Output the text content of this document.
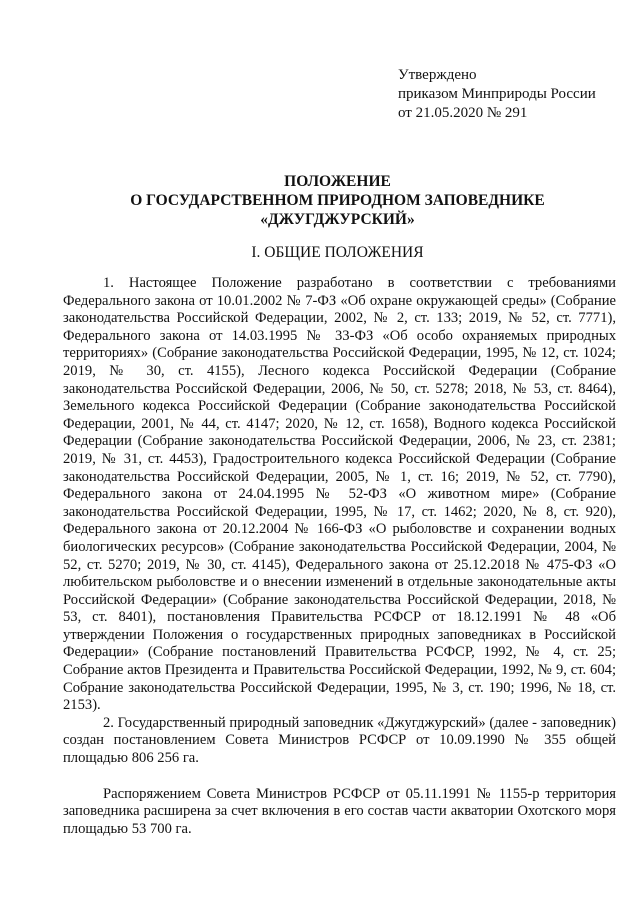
Утверждено
приказом Минприроды России
от 21.05.2020 № 291
ПОЛОЖЕНИЕ
О ГОСУДАРСТВЕННОМ ПРИРОДНОМ ЗАПОВЕДНИКЕ
«ДЖУГДЖУРСКИЙ»
I. ОБЩИЕ ПОЛОЖЕНИЯ

1. Настоящее Положение разработано в соответствии с требованиями Федерального закона от 10.01.2002 № 7-ФЗ «Об охране окружающей среды» (Собрание законодательства Российской Федерации, 2002, № 2, ст. 133; 2019, № 52, ст. 7771), Федерального закона от 14.03.1995 № 33-ФЗ «Об особо охраняемых природных территориях» (Собрание законодательства Российской Федерации, 1995, № 12, ст. 1024; 2019, № 30, ст. 4155), Лесного кодекса Российской Федерации (Собрание законодательства Российской Федерации, 2006, № 50, ст. 5278; 2018, № 53, ст. 8464), Земельного кодекса Российской Федерации (Собрание законодательства Российской Федерации, 2001, № 44, ст. 4147; 2020, № 12, ст. 1658), Водного кодекса Российской Федерации (Собрание законодательства Российской Федерации, 2006, № 23, ст. 2381; 2019, № 31, ст. 4453), Градостроительного кодекса Российской Федерации (Собрание законодательства Российской Федерации, 2005, № 1, ст. 16; 2019, № 52, ст. 7790), Федерального закона от 24.04.1995 № 52-ФЗ «О животном мире» (Собрание законодательства Российской Федерации, 1995, № 17, ст. 1462; 2020, № 8, ст. 920), Федерального закона от 20.12.2004 № 166-ФЗ «О рыболовстве и сохранении водных биологических ресурсов» (Собрание законодательства Российской Федерации, 2004, № 52, ст. 5270; 2019, № 30, ст. 4145), Федерального закона от 25.12.2018 № 475-ФЗ «О любительском рыболовстве и о внесении изменений в отдельные законодательные акты Российской Федерации» (Собрание законодательства Российской Федерации, 2018, № 53, ст. 8401), постановления Правительства РСФСР от 18.12.1991 № 48 «Об утверждении Положения о государственных природных заповедниках в Российской Федерации» (Собрание постановлений Правительства РСФСР, 1992, № 4, ст. 25; Собрание актов Президента и Правительства Российской Федерации, 1992, № 9, ст. 604; Собрание законодательства Российской Федерации, 1995, № 3, ст. 190; 1996, № 18, ст. 2153).

2. Государственный природный заповедник «Джугджурский» (далее - заповедник) создан постановлением Совета Министров РСФСР от 10.09.1990 № 355 общей площадью 806 256 га.

Распоряжением Совета Министров РСФСР от 05.11.1991 № 1155-р территория заповедника расширена за счет включения в его состав части акватории Охотского моря площадью 53 700 га.
